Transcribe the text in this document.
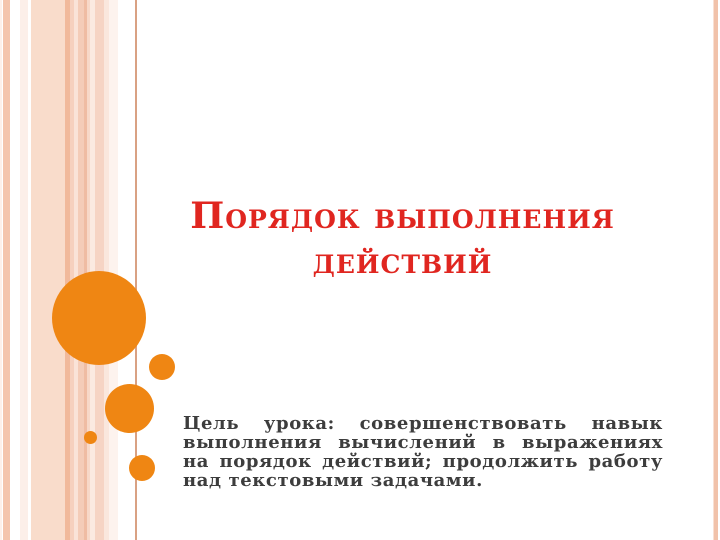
Порядок выполнения действий

Цель урока: совершенствовать навык выполнения вычислений в выражениях на порядок действий; продолжить работу над текстовыми задачами.
